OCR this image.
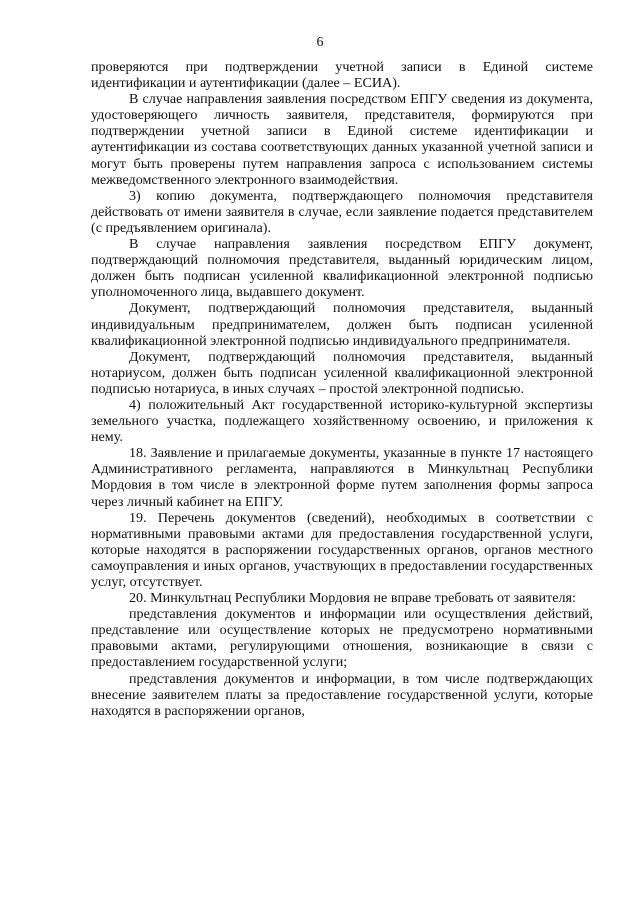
6

проверяются при подтверждении учетной записи в Единой системе идентификации и аутентификации (далее – ЕСИА).

В случае направления заявления посредством ЕПГУ сведения из документа, удостоверяющего личность заявителя, представителя, формируются при подтверждении учетной записи в Единой системе идентификации и аутентификации из состава соответствующих данных указанной учетной записи и могут быть проверены путем направления запроса с использованием системы межведомственного электронного взаимодействия.

3) копию документа, подтверждающего полномочия представителя действовать от имени заявителя в случае, если заявление подается представителем (с предъявлением оригинала).

В случае направления заявления посредством ЕПГУ документ, подтверждающий полномочия представителя, выданный юридическим лицом, должен быть подписан усиленной квалификационной электронной подписью уполномоченного лица, выдавшего документ.

Документ, подтверждающий полномочия представителя, выданный индивидуальным предпринимателем, должен быть подписан усиленной квалификационной электронной подписью индивидуального предпринимателя.

Документ, подтверждающий полномочия представителя, выданный нотариусом, должен быть подписан усиленной квалификационной электронной подписью нотариуса, в иных случаях – простой электронной подписью.

4) положительный Акт государственной историко-культурной экспертизы земельного участка, подлежащего хозяйственному освоению, и приложения к нему.

18. Заявление и прилагаемые документы, указанные в пункте 17 настоящего Административного регламента, направляются в Минкультнац Республики Мордовия в том числе в электронной форме путем заполнения формы запроса через личный кабинет на ЕПГУ.

19. Перечень документов (сведений), необходимых в соответствии с нормативными правовыми актами для предоставления государственной услуги, которые находятся в распоряжении государственных органов, органов местного самоуправления и иных органов, участвующих в предоставлении государственных услуг, отсутствует.

20. Минкультнац Республики Мордовия не вправе требовать от заявителя:

представления документов и информации или осуществления действий, представление или осуществление которых не предусмотрено нормативными правовыми актами, регулирующими отношения, возникающие в связи с предоставлением государственной услуги;

представления документов и информации, в том числе подтверждающих внесение заявителем платы за предоставление государственной услуги, которые находятся в распоряжении органов,
